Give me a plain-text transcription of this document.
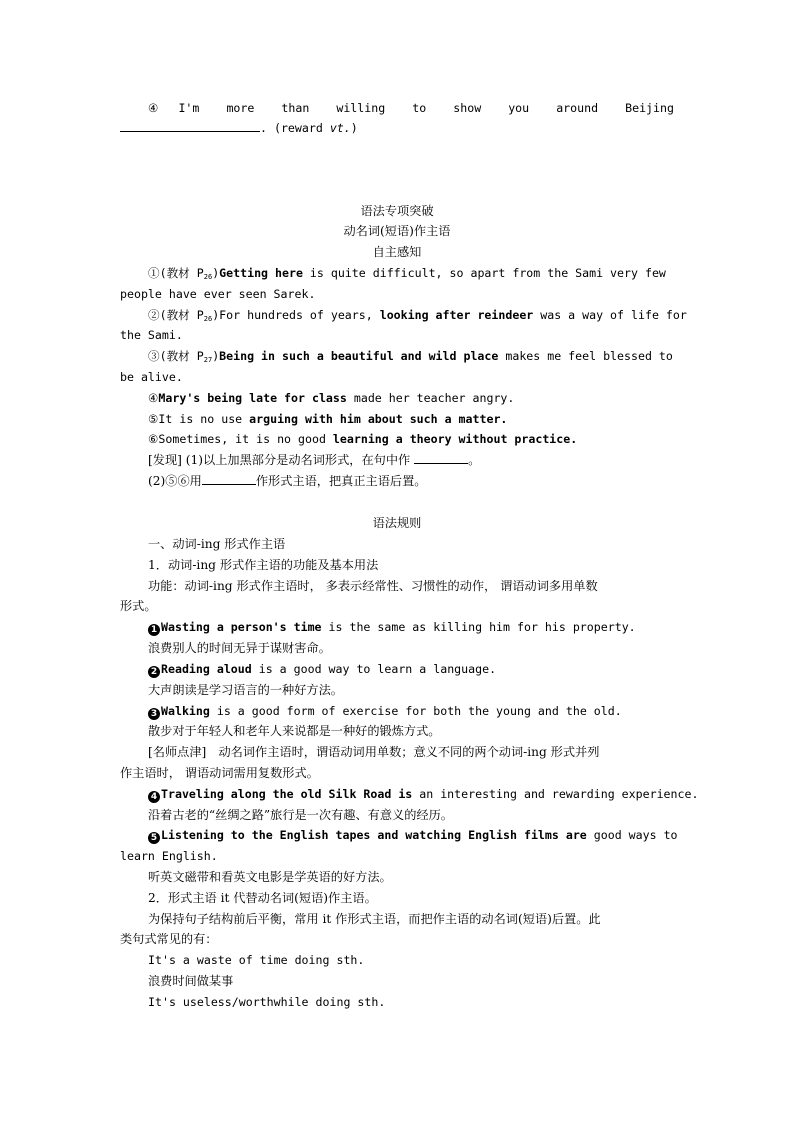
④I'm more than willing to show you around Beijing
. (reward vt.)
语法专项突破
动名词(短语)作主语
自主感知
①(教材 $P_{26})Getting$ here is quite difficult, so apart from the Sami very few
people have ever seen Sarek.
②(教材 $P_{26})For$ hundreds of years, looking after reindeer was a way of life for
the Sami.
③(教材 $P_{27})Being$ in such a beautiful and wild place makes me feel blessed to
be alive.
④Mary's being late for class made her teacher angry.
⑤It is no use arguing with him about such a matter.
⑥Sometimes, it is no good learning a theory without practice.
[发现] (1)以上加黑部分是动名词形式，在句中作	。
(2)⑤⑥用	作形式主语，把真正主语后置。
语法规则
一、动词-ing 形式作主语
1．动词-ing 形式作主语的功能及基本用法
功能：动词-ing 形式作主语时， 多表示经常性、习惯性的动作， 谓语动词多用单数
形式。
1 Wasting a person's time is the same as killing him for his property.
浪费别人的时间无异于谋财害命。
2 Reading aloud is a good way to learn a language.
大声朗读是学习语言的一种好方法。
3 Walking is a good form of exercise for both the young and the old.
散步对于年轻人和老年人来说都是一种好的锻炼方式。
[名师点津]　动名词作主语时，谓语动词用单数；意义不同的两个动词-ing 形式并列
作主语时， 谓语动词需用复数形式。
4 Traveling along the old Silk Road is an interesting and rewarding experience.
沿着古老的“丝绸之路”旅行是一次有趣、有意义的经历。
5 Listening to the English tapes and watching English films are good ways to
learn English.
听英文磁带和看英文电影是学英语的好方法。
2．形式主语 it 代替动名词(短语)作主语。
为保持句子结构前后平衡，常用 it 作形式主语，而把作主语的动名词(短语)后置。此
类句式常见的有：
It's a waste of time doing sth.
浪费时间做某事
It's useless/worthwhile doing sth.
